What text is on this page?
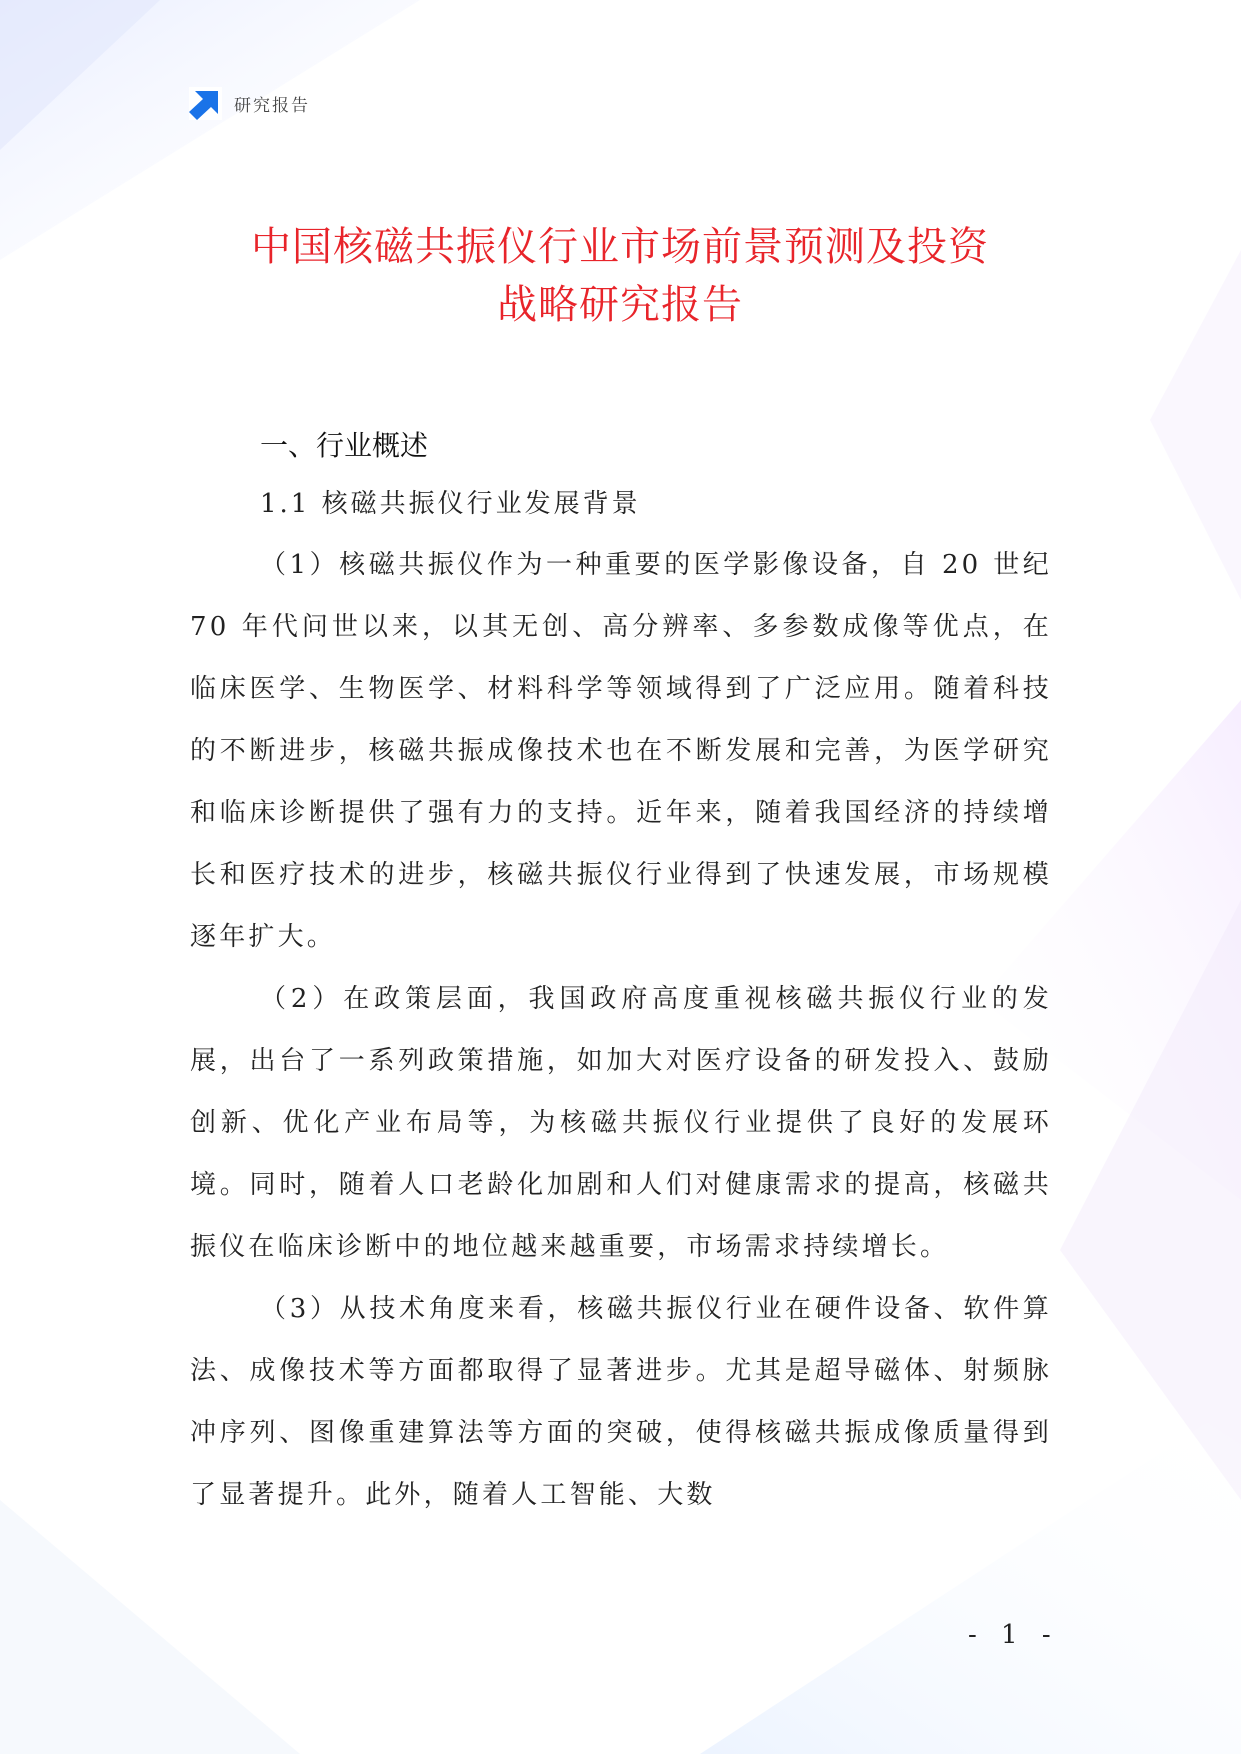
研究报告
中国核磁共振仪行业市场前景预测及投资
战略研究报告
一、行业概述
1.1 核磁共振仪行业发展背景

（1）核磁共振仪作为一种重要的医学影像设备，自 20 世纪 70 年代问世以来，以其无创、高分辨率、多参数成像等优点，在临床医学、生物医学、材料科学等领域得到了广泛应用。随着科技的不断进步，核磁共振成像技术也在不断发展和完善，为医学研究和临床诊断提供了强有力的支持。近年来，随着我国经济的持续增长和医疗技术的进步，核磁共振仪行业得到了快速发展，市场规模逐年扩大。

（2）在政策层面，我国政府高度重视核磁共振仪行业的发展，出台了一系列政策措施，如加大对医疗设备的研发投入、鼓励创新、优化产业布局等，为核磁共振仪行业提供了良好的发展环境。同时，随着人口老龄化加剧和人们对健康需求的提高，核磁共振仪在临床诊断中的地位越来越重要，市场需求持续增长。

（3）从技术角度来看，核磁共振仪行业在硬件设备、软件算法、成像技术等方面都取得了显著进步。尤其是超导磁体、射频脉冲序列、图像重建算法等方面的突破，使得核磁共振成像质量得到了显著提升。此外，随着人工智能、大数

- 1 -
